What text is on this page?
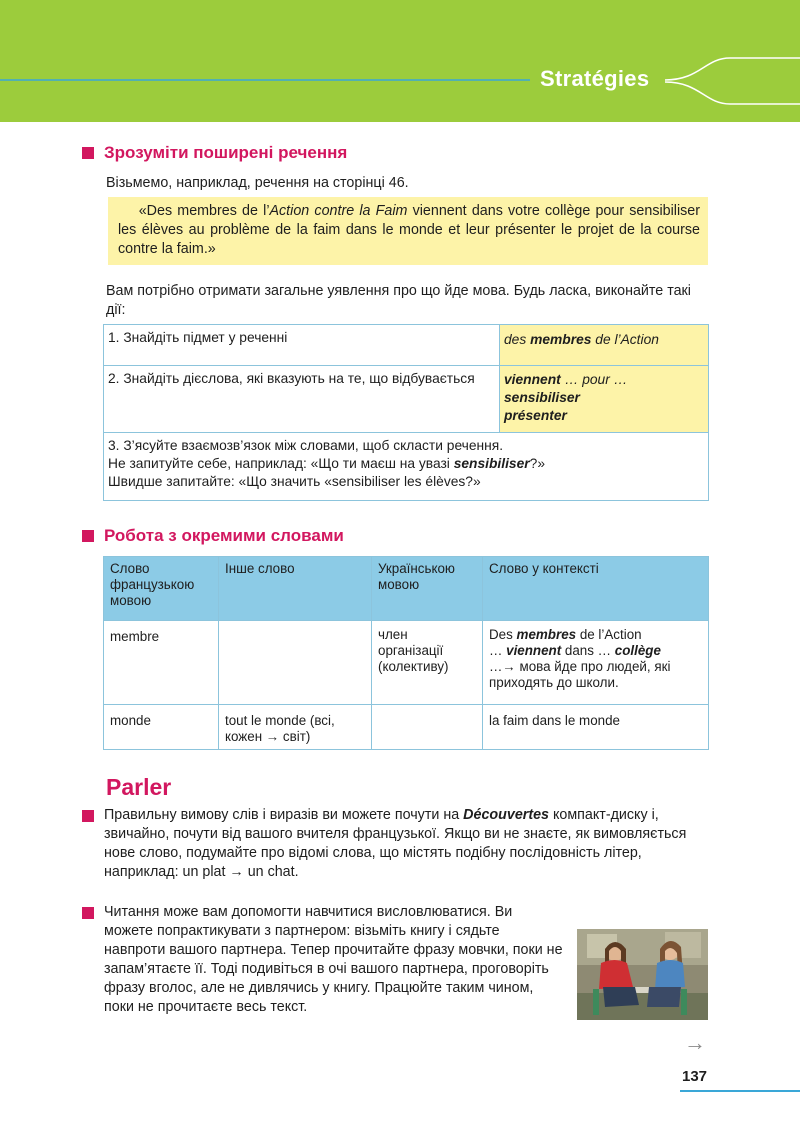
Stratégies
Зрозуміти поширені речення
Візьмемо, наприклад, речення на сторінці 46.
«Des membres de l’Action contre la Faim viennent dans votre collège pour sensibiliser les élèves au problème de la faim dans le monde et leur présenter le projet de la course contre la faim.»
Вам потрібно отримати загальне уявлення про що йде мова. Будь ласка, виконайте такі дії:
1. Знайдіть підмет у реченні	des membres de l’Action
2. Знайдіть дієслова, які вказують на те, що відбувається	viennent … pour …
sensibiliser
présenter
3. З’ясуйте взаємозв’язок між словами, щоб скласти речення.
Не запитуйте себе, наприклад: «Що ти маєш на увазі sensibiliser?»
Швидше запитайте: «Що значить «sensibiliser les élèves?»	
Робота з окремими словами
Слово французькою мовою	Інше слово	Українською мовою	Слово у контексті
membre		член організації (колективу)	Des membres de l’Action
… viennent dans … collège
…→ мова йде про людей, які приходять до школи.
monde	tout le monde (всі, кожен → світ)		la faim dans le monde
Parler
Правильну вимову слів і виразів ви можете почути на Découvertes компакт-диску і, звичайно, почути від вашого вчителя французької. Якщо ви не знаєте, як вимовляється нове слово, подумайте про відомі слова, що містять подібну послідовність літер, наприклад: un plat → un chat.
Читання може вам допомогти навчитися висловлюватися. Ви можете попрактикувати з партнером: візьміть книгу і сядьте навпроти вашого партнера. Тепер прочитайте фразу мовчки, поки не запам’ятаєте її. Тоді подивіться в очі вашого партнера, проговоріть фразу вголос, але не дивлячись у книгу. Працюйте таким чином, поки не прочитаєте весь текст.
→
137
